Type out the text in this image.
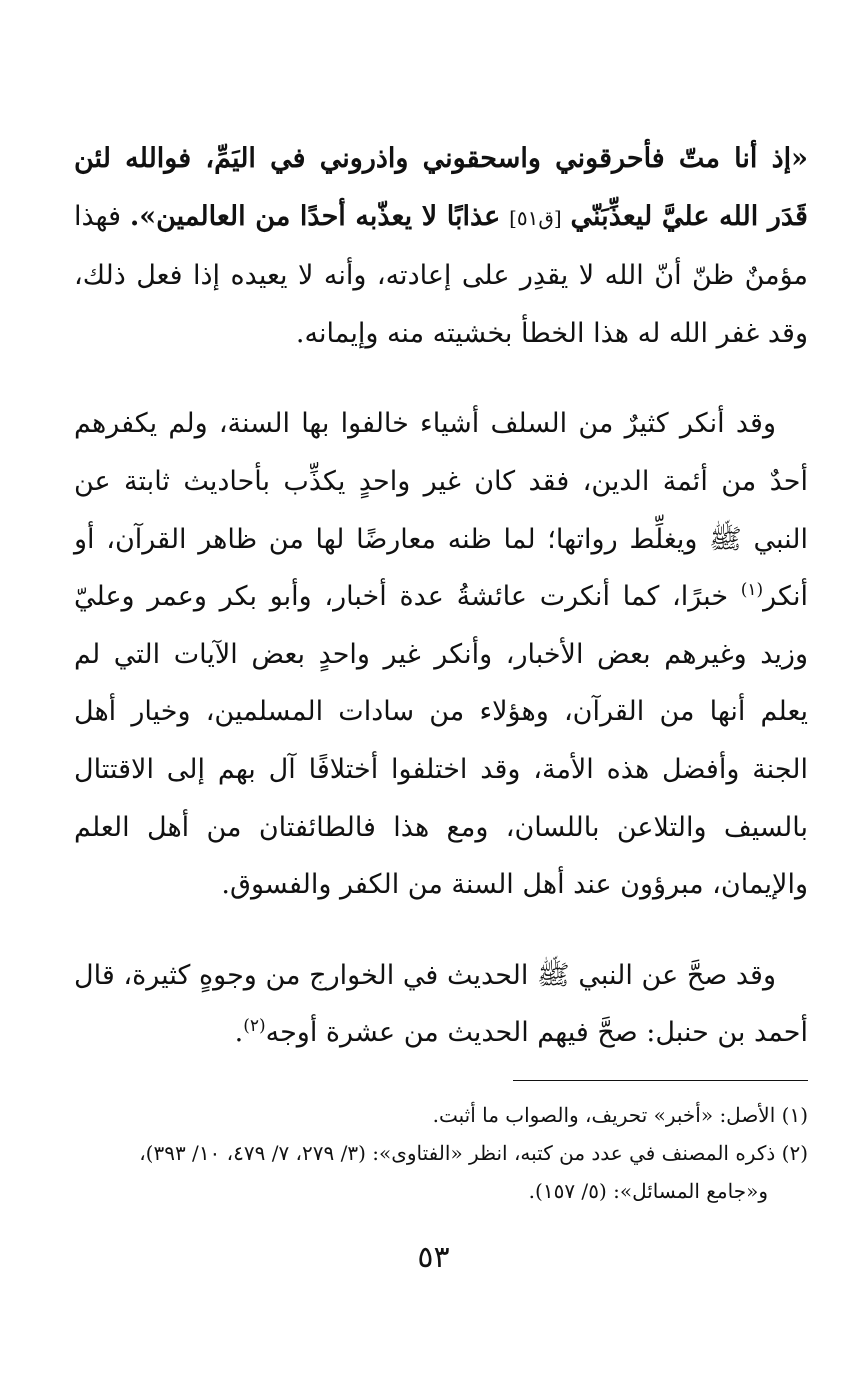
«إذ أنا متّ فأحرقوني واسحقوني واذروني في اليَمِّ، فوالله لئن قَدَر الله عليَّ ليعذِّبَنّي [ق٥١] عذابًا لا يعذّبه أحدًا من العالمين». فهذا مؤمنٌ ظنّ أنّ الله لا يقدِر على إعادته، وأنه لا يعيده إذا فعل ذلك، وقد غفر الله له هذا الخطأ بخشيته منه وإيمانه.

وقد أنكر كثيرٌ من السلف أشياء خالفوا بها السنة، ولم يكفرهم أحدٌ من أئمة الدين، فقد كان غير واحدٍ يكذِّب بأحاديث ثابتة عن النبي ﷺ ويغلِّط رواتها؛ لما ظنه معارضًا لها من ظاهر القرآن، أو أنكر$^{(١)}$ خبرًا، كما أنكرت عائشةُ عدة أخبار، وأبو بكر وعمر وعليّ وزيد وغيرهم بعض الأخبار، وأنكر غير واحدٍ بعض الآيات التي لم يعلم أنها من القرآن، وهؤلاء من سادات المسلمين، وخيار أهل الجنة وأفضل هذه الأمة، وقد اختلفوا أختلافًا آل بهم إلى الاقتتال بالسيف والتلاعن باللسان، ومع هذا فالطائفتان من أهل العلم والإيمان، مبرؤون عند أهل السنة من الكفر والفسوق.

وقد صحَّ عن النبي ﷺ الحديث في الخوارج من وجوهٍ كثيرة، قال أحمد بن حنبل: صحَّ فيهم الحديث من عشرة أوجه$^{(٢)}$.

(١) الأصل: «أخبر» تحريف، والصواب ما أثبت.

(٢) ذكره المصنف في عدد من كتبه، انظر «الفتاوى»: (٣/ ٢٧٩، ٧/ ٤٧٩، ١٠/ ٣٩٣)،

و«جامع المسائل»: (٥/ ١٥٧).

٥٣
